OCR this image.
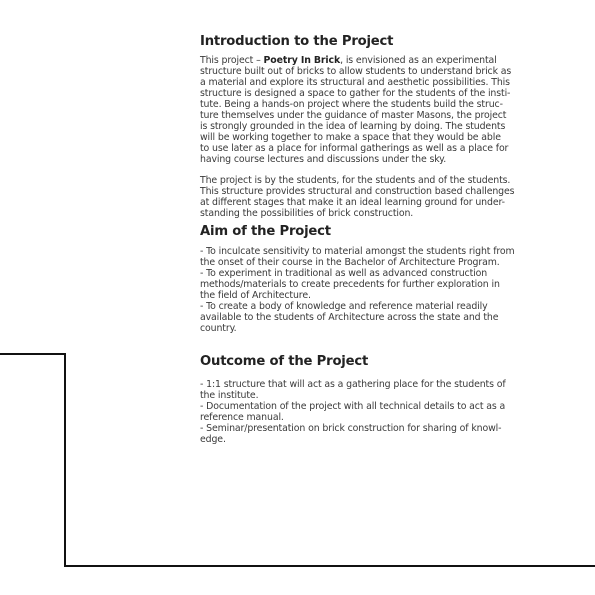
Introduction to the Project
This project – Poetry In Brick, is envisioned as an experimental
structure built out of bricks to allow students to understand brick as
a material and explore its structural and aesthetic possibilities. This
structure is designed a space to gather for the students of the insti-
tute. Being a hands-on project where the students build the struc-
ture themselves under the guidance of master Masons, the project
is strongly grounded in the idea of learning by doing. The students
will be working together to make a space that they would be able
to use later as a place for informal gatherings as well as a place for
having course lectures and discussions under the sky.
The project is by the students, for the students and of the students.
This structure provides structural and construction based challenges
at different stages that make it an ideal learning ground for under-
standing the possibilities of brick construction.
Aim of the Project
- To inculcate sensitivity to material amongst the students right from
the onset of their course in the Bachelor of Architecture Program.
- To experiment in traditional as well as advanced construction
methods/materials to create precedents for further exploration in
the field of Architecture.
- To create a body of knowledge and reference material readily
available to the students of Architecture across the state and the
country.
Outcome of the Project
- 1:1 structure that will act as a gathering place for the students of
the institute.
- Documentation of the project with all technical details to act as a
reference manual.
- Seminar/presentation on brick construction for sharing of knowl-
edge.
